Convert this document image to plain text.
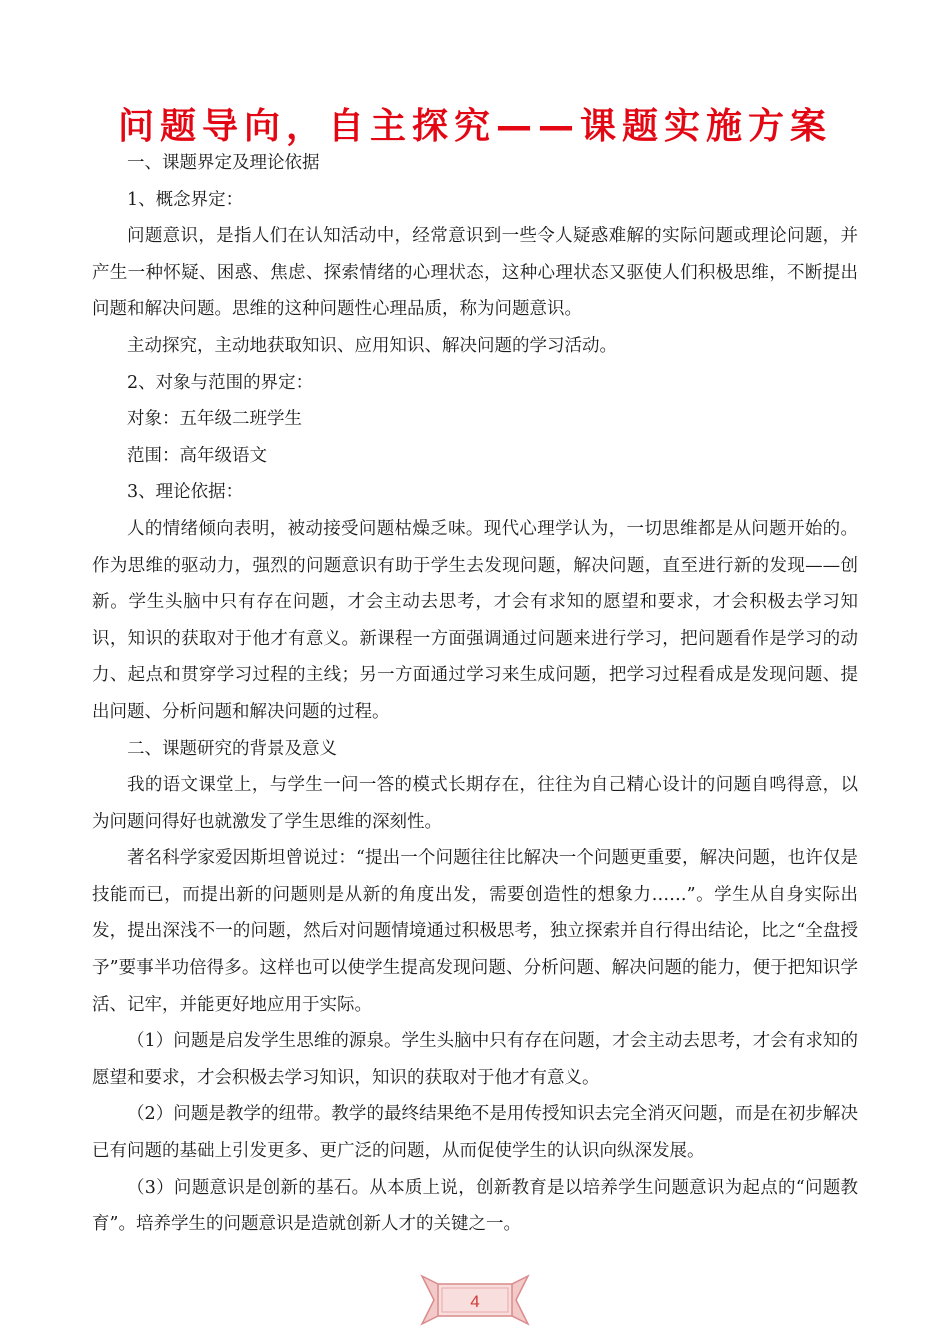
问题导向，自主探究——课题实施方案

一、课题界定及理论依据

1、概念界定：

问题意识，是指人们在认知活动中，经常意识到一些令人疑惑难解的实际问题或理论问题，并产生一种怀疑、困惑、焦虑、探索情绪的心理状态，这种心理状态又驱使人们积极思维，不断提出问题和解决问题。思维的这种问题性心理品质，称为问题意识。

主动探究，主动地获取知识、应用知识、解决问题的学习活动。

2、对象与范围的界定：

对象：五年级二班学生

范围：高年级语文

3、理论依据：

人的情绪倾向表明，被动接受问题枯燥乏味。现代心理学认为，一切思维都是从问题开始的。作为思维的驱动力，强烈的问题意识有助于学生去发现问题，解决问题，直至进行新的发现——创新。学生头脑中只有存在问题，才会主动去思考，才会有求知的愿望和要求，才会积极去学习知识，知识的获取对于他才有意义。新课程一方面强调通过问题来进行学习，把问题看作是学习的动力、起点和贯穿学习过程的主线；另一方面通过学习来生成问题，把学习过程看成是发现问题、提出问题、分析问题和解决问题的过程。

二、课题研究的背景及意义

我的语文课堂上，与学生一问一答的模式长期存在，往往为自己精心设计的问题自鸣得意，以为问题问得好也就激发了学生思维的深刻性。

著名科学家爱因斯坦曾说过：“提出一个问题往往比解决一个问题更重要，解决问题，也许仅是技能而已，而提出新的问题则是从新的角度出发，需要创造性的想象力……”。学生从自身实际出发，提出深浅不一的问题，然后对问题情境通过积极思考，独立探索并自行得出结论，比之“全盘授予”要事半功倍得多。这样也可以使学生提高发现问题、分析问题、解决问题的能力，便于把知识学活、记牢，并能更好地应用于实际。

（1）问题是启发学生思维的源泉。学生头脑中只有存在问题，才会主动去思考，才会有求知的愿望和要求，才会积极去学习知识，知识的获取对于他才有意义。

（2）问题是教学的纽带。教学的最终结果绝不是用传授知识去完全消灭问题，而是在初步解决已有问题的基础上引发更多、更广泛的问题，从而促使学生的认识向纵深发展。

（3）问题意识是创新的基石。从本质上说，创新教育是以培养学生问题意识为起点的“问题教育”。培养学生的问题意识是造就创新人才的关键之一。

4
